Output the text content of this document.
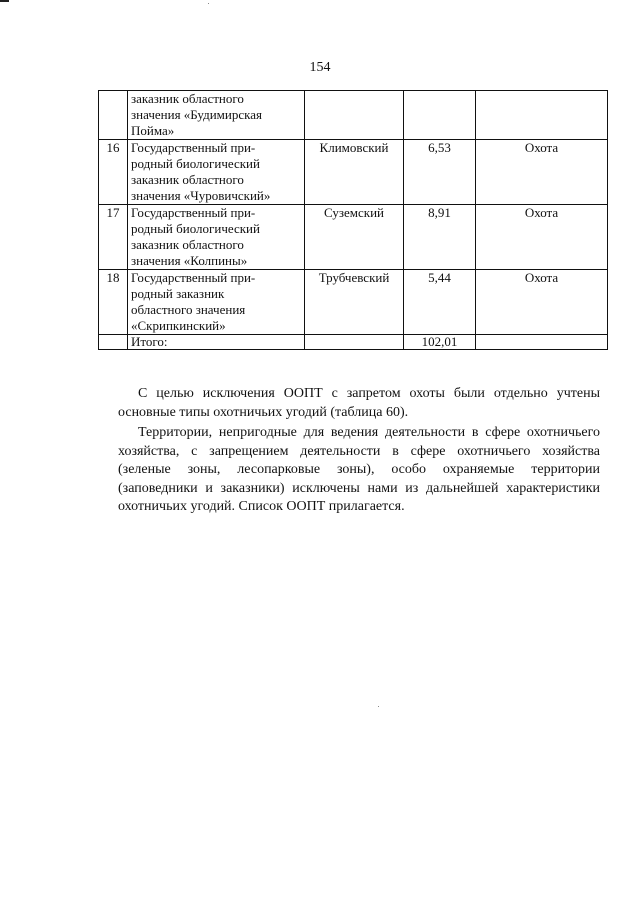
154

	заказник областного
значения «Будимирская
Пойма»			

16	Государственный при-
родный биологический
заказник областного
значения «Чуровичский»	Климовский	6,53	Охота
17	Государственный при-
родный биологический
заказник областного
значения «Колпины»	Суземский	8,91	Охота
18	Государственный при-
родный заказник
областного значения
«Скрипкинский»	Трубчевский	5,44	Охота
	Итого:		102,01	
С целью исключения ООПТ с запретом охоты были отдельно учтены
основные типы охотничьих угодий (таблица 60).
Территории, непригодные для ведения деятельности в сфере охотничьего
хозяйства, с запрещением деятельности в сфере охотничьего хозяйства
(зеленые зоны, лесопарковые зоны), особо охраняемые территории
(заповедники и заказники) исключены нами из дальнейшей характеристики
охотничьих угодий. Список ООПТ прилагается.
